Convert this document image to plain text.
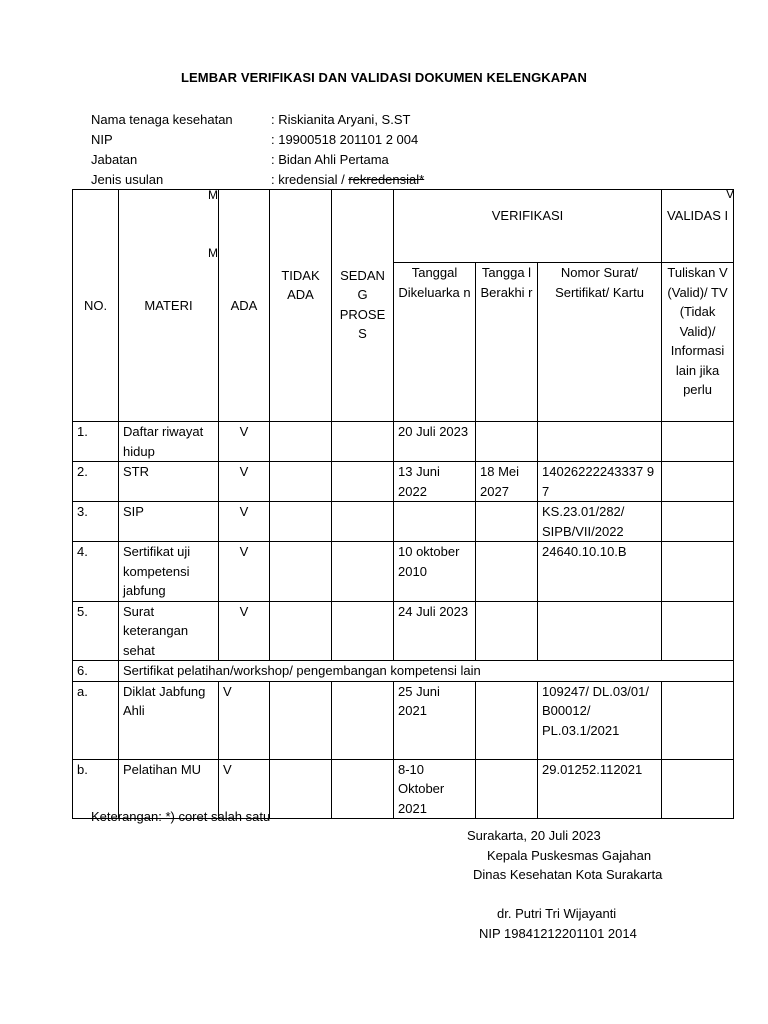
LEMBAR VERIFIKASI DAN VALIDASI DOKUMEN KELENGKAPAN
Nama tenaga kesehatan	: Riskianita Aryani, S.ST
NIP	: 19900518 201101 2 004
Jabatan	: Bidan Ahli Pertama
Jenis usulan	: kredensial / rekredensial*
NO.	MATERI	ADA	TIDAK ADA	SEDAN G PROSE S	VERIFIKASI			VALIDAS I
					Tanggal Dikeluarka n	Tangga l Berakhi r	Nomor Surat/ Sertifikat/ Kartu	Tuliskan V (Valid)/ TV (Tidak Valid)/ Informasi lain jika perlu
1.	Daftar riwayat hidup	V			20 Juli 2023			
2.	STR	V			13 Juni 2022	18 Mei 2027	14026222243337 97	
3.	SIP	V					KS.23.01/282/ SIPB/VII/2022	
4.	Sertifikat uji kompetensi jabfung	V			10 oktober 2010		24640.10.10.B	
5.	Surat keterangan sehat	V			24 Juli 2023			
6.	Sertifikat pelatihan/workshop/ pengembangan kompetensi lain							
a.	Diklat Jabfung Ahli	V			25 Juni 2021		109247/ DL.03/01/ B00012/ PL.03.1/2021	
b.	Pelatihan MU	V			8-10 Oktober 2021		29.01252.112021	
M
M
V
Keterangan: *) coret salah satu
Surakarta, 20 Juli 2023
Kepala Puskesmas Gajahan
Dinas Kesehatan Kota Surakarta
dr. Putri Tri Wijayanti
NIP 19841212201101 2014
